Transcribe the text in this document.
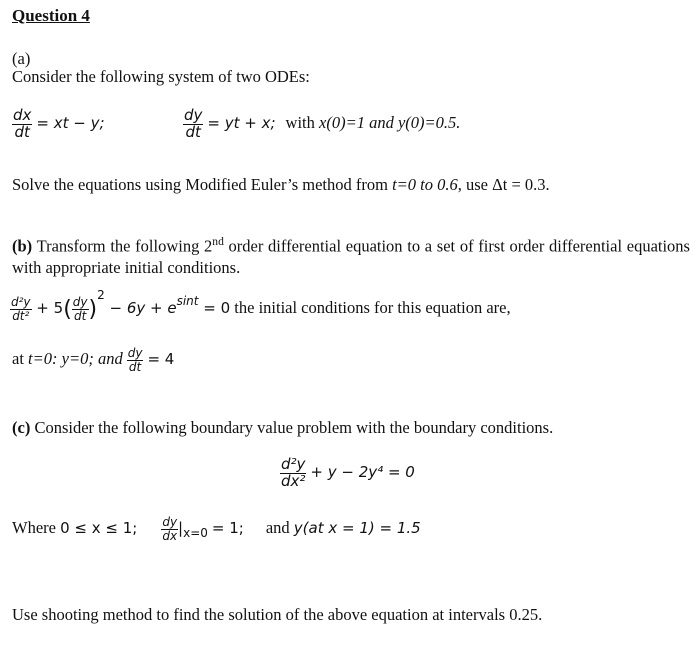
Question 4
(a)
Consider the following system of two ODEs:
$\frac{dx}{dt}$ = xt − y;	$\frac{dy}{dt}$ = yt + x; with x(0)=1 and y(0)=0.5.
Solve the equations using Modified Euler’s method from t=0 to 0.6, use Δt = 0.3.
(b) Transform the following 2nd order differential equation to a set of first order differential equations with appropriate initial conditions.
$\frac{\text{d²y}}{\text{dt²}} + 5( \frac{dy}{dt} )^2 - 6y + e^{sint} = 0$ the initial conditions for this equation are,
at t=0: y=0; and $\frac{dy}{dt} = 4$
(c) Consider the following boundary value problem with the boundary conditions.
$\frac{\text{d²y}}{\text{dx²}} + y - 2y^4 = 0$
Where 0 ≤ x ≤ 1; $\frac{dy}{dx} |_{x=0} = 1$; and y(at x = 1) = 1.5
Use shooting method to find the solution of the above equation at intervals 0.25.
